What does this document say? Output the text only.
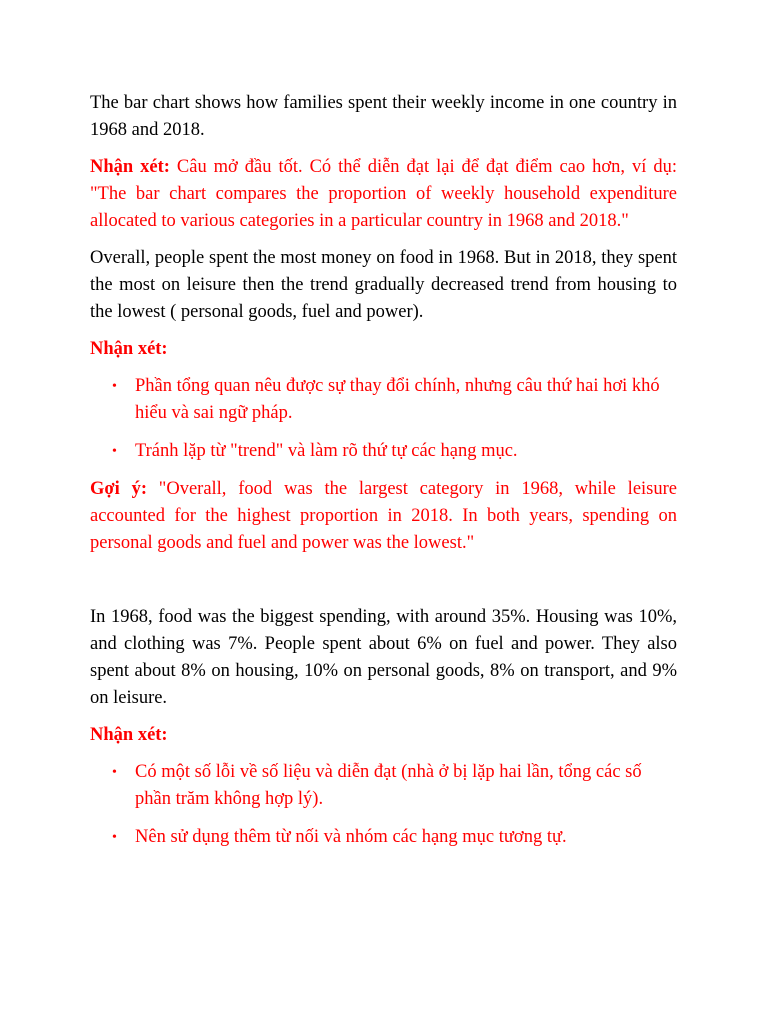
The bar chart shows how families spent their weekly income in one country in 1968 and 2018.

Nhận xét: Câu mở đầu tốt. Có thể diễn đạt lại để đạt điểm cao hơn, ví dụ: "The bar chart compares the proportion of weekly household expenditure allocated to various categories in a particular country in 1968 and 2018."

Overall, people spent the most money on food in 1968. But in 2018, they spent the most on leisure then the trend gradually decreased trend from housing to the lowest ( personal goods, fuel and power).

Nhận xét:

• Phần tổng quan nêu được sự thay đổi chính, nhưng câu thứ hai hơi khó hiểu và sai ngữ pháp.
• Tránh lặp từ "trend" và làm rõ thứ tự các hạng mục.

Gợi ý: "Overall, food was the largest category in 1968, while leisure accounted for the highest proportion in 2018. In both years, spending on personal goods and fuel and power was the lowest."

In 1968, food was the biggest spending, with around 35%. Housing was 10%, and clothing was 7%. People spent about 6% on fuel and power. They also spent about 8% on housing, 10% on personal goods, 8% on transport, and 9% on leisure.

Nhận xét:

• Có một số lỗi về số liệu và diễn đạt (nhà ở bị lặp hai lần, tổng các số phần trăm không hợp lý).
• Nên sử dụng thêm từ nối và nhóm các hạng mục tương tự.
